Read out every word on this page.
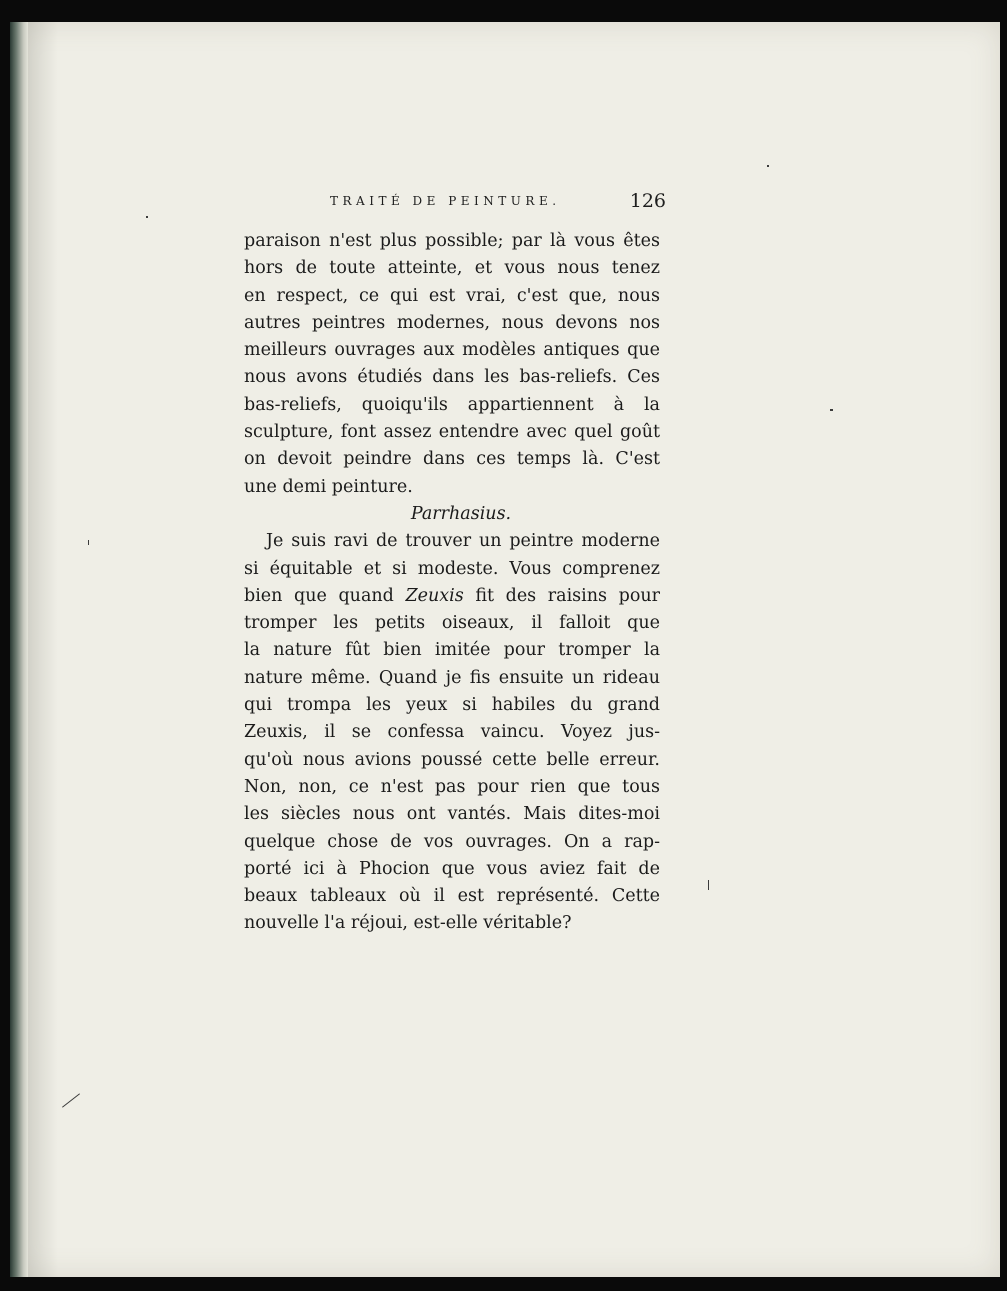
TRAITÉ DE PEINTURE.	126
paraison n'est plus possible; par là vous êtes
hors de toute atteinte, et vous nous tenez
en respect, ce qui est vrai, c'est que, nous
autres peintres modernes, nous devons nos
meilleurs ouvrages aux modèles antiques que
nous avons étudiés dans les bas-reliefs. Ces
bas-reliefs, quoiqu'ils appartiennent à la
sculpture, font assez entendre avec quel goût
on devoit peindre dans ces temps là. C'est
une demi peinture.
Parrhasius.
Je suis ravi de trouver un peintre moderne
si équitable et si modeste. Vous comprenez
bien que quand Zeuxis fit des raisins pour
tromper les petits oiseaux, il falloit que
la nature fût bien imitée pour tromper la
nature même. Quand je fis ensuite un rideau
qui trompa les yeux si habiles du grand
Zeuxis, il se confessa vaincu. Voyez jus-
qu'où nous avions poussé cette belle erreur.
Non, non, ce n'est pas pour rien que tous
les siècles nous ont vantés. Mais dites-moi
quelque chose de vos ouvrages. On a rap-
porté ici à Phocion que vous aviez fait de
beaux tableaux où il est représenté. Cette
nouvelle l'a réjoui, est-elle véritable?
